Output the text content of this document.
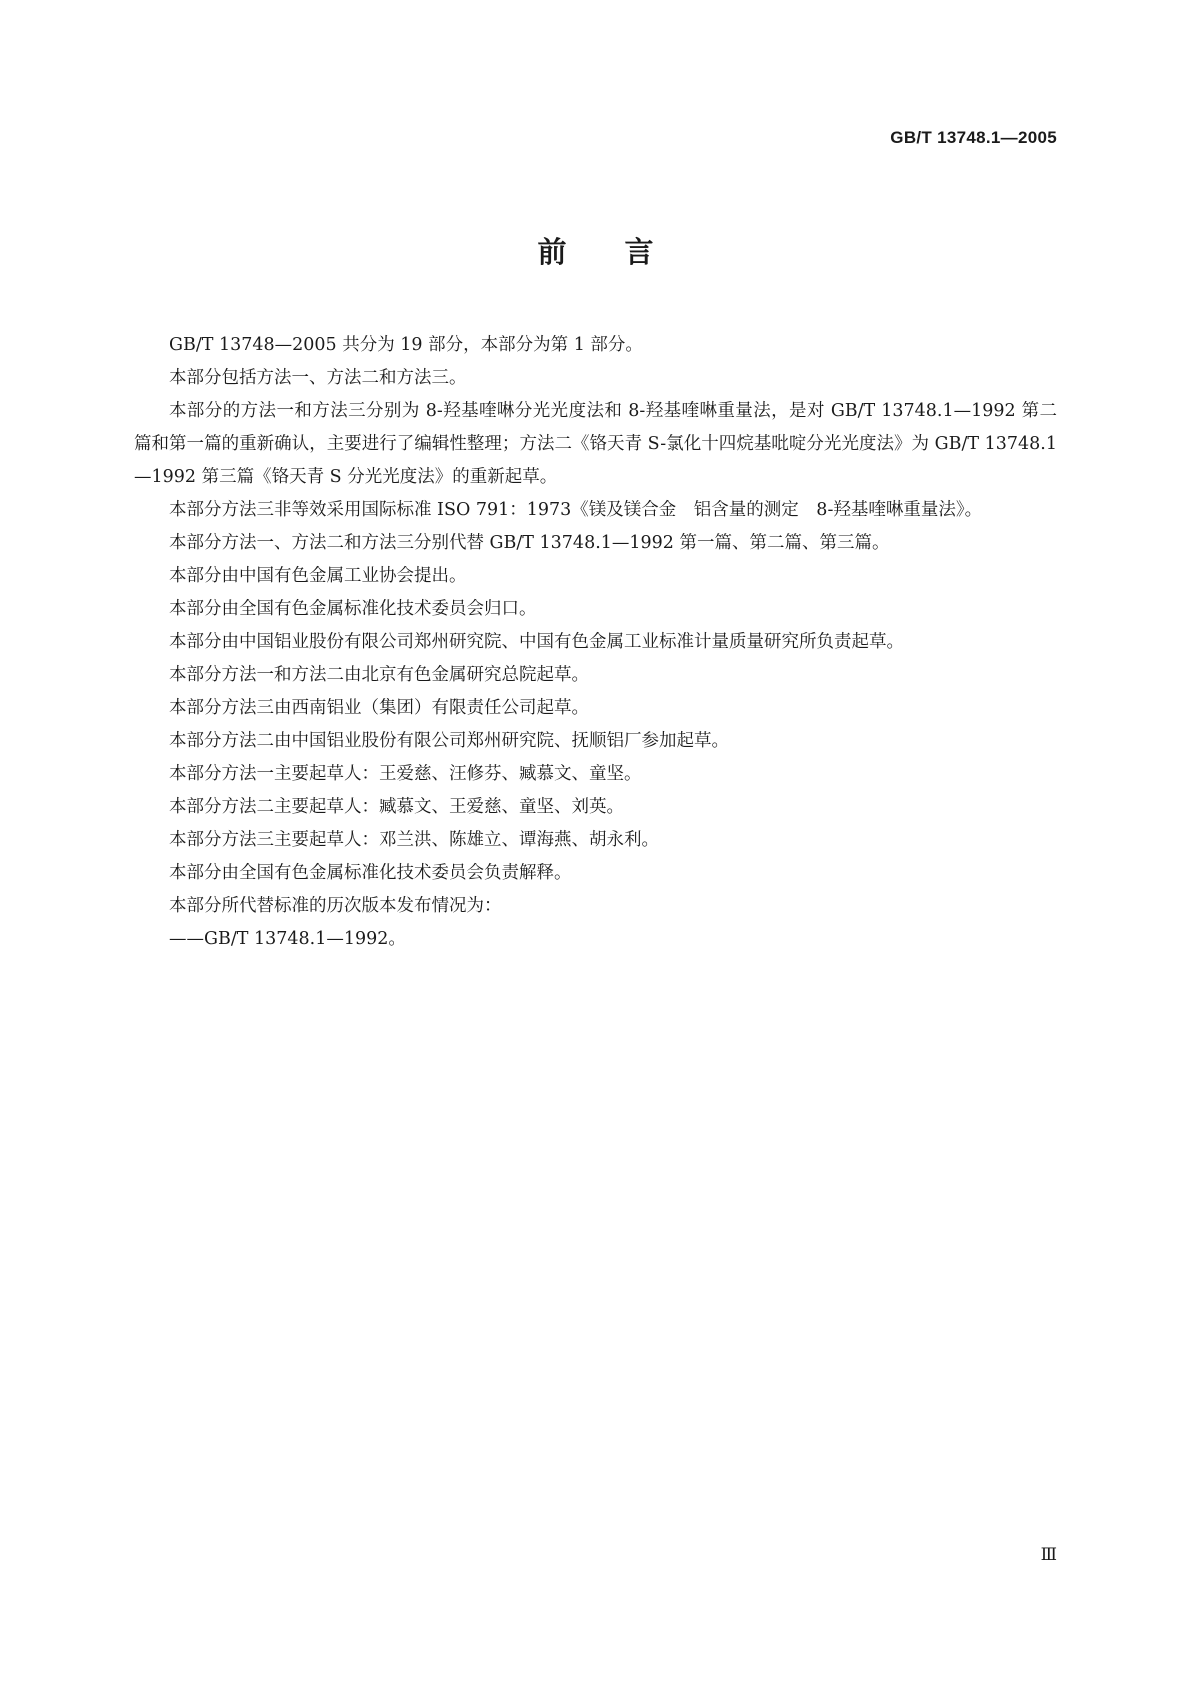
GB/T 13748.1—2005
前言

GB/T 13748—2005 共分为 19 部分，本部分为第 1 部分。

本部分包括方法一、方法二和方法三。

本部分的方法一和方法三分别为 8-羟基喹啉分光光度法和 8-羟基喹啉重量法，是对 GB/T 13748.1—1992 第二篇和第一篇的重新确认，主要进行了编辑性整理；方法二《铬天青 S-氯化十四烷基吡啶分光光度法》为 GB/T 13748.1—1992 第三篇《铬天青 S 分光光度法》的重新起草。

本部分方法三非等效采用国际标准 ISO 791：1973《镁及镁合金　铝含量的测定　8-羟基喹啉重量法》。

本部分方法一、方法二和方法三分别代替 GB/T 13748.1—1992 第一篇、第二篇、第三篇。

本部分由中国有色金属工业协会提出。

本部分由全国有色金属标准化技术委员会归口。

本部分由中国铝业股份有限公司郑州研究院、中国有色金属工业标准计量质量研究所负责起草。

本部分方法一和方法二由北京有色金属研究总院起草。

本部分方法三由西南铝业（集团）有限责任公司起草。

本部分方法二由中国铝业股份有限公司郑州研究院、抚顺铝厂参加起草。

本部分方法一主要起草人：王爱慈、汪修芬、臧慕文、童坚。

本部分方法二主要起草人：臧慕文、王爱慈、童坚、刘英。

本部分方法三主要起草人：邓兰洪、陈雄立、谭海燕、胡永利。

本部分由全国有色金属标准化技术委员会负责解释。

本部分所代替标准的历次版本发布情况为：

——GB/T 13748.1—1992。

Ⅲ
